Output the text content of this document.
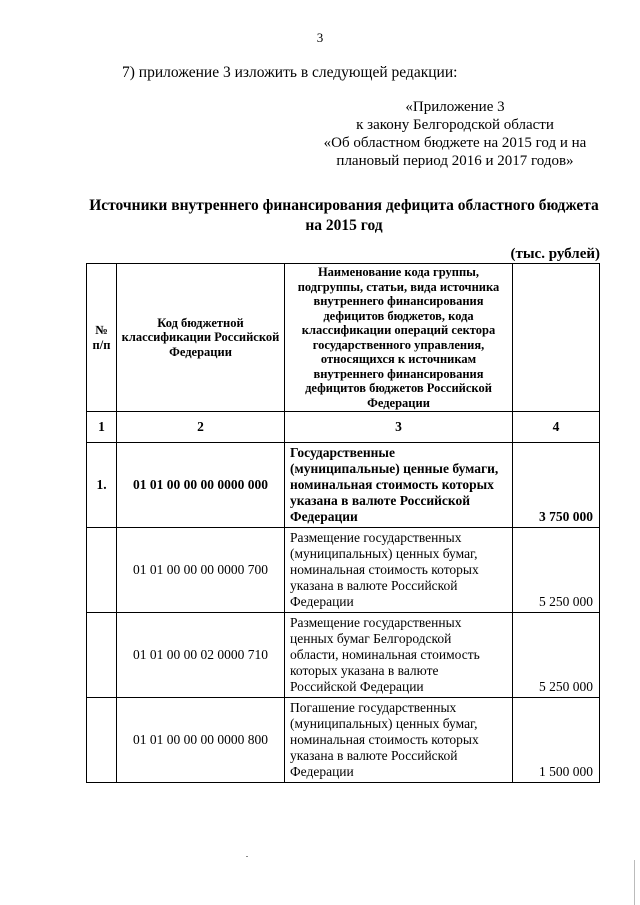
3
7) приложение 3 изложить в следующей редакции:
«Приложение 3
к закону Белгородской области
«Об областном бюджете на 2015 год и на
плановый период 2016 и 2017 годов»
Источники внутреннего финансирования дефицита областного бюджета
на 2015 год
(тыс. рублей)
№ п/п	Код бюджетной классификации Российской Федерации	Наименование кода группы, подгруппы, статьи, вида источника внутреннего финансирования дефицитов бюджетов, кода классификации операций сектора государственного управления, относящихся к источникам внутреннего финансирования дефицитов бюджетов Российской Федерации	
1	2	3	4
1.	01 01 00 00 00 0000 000	Государственные
(муниципальные) ценные бумаги,
номинальная стоимость которых
указана в валюте Российской
Федерации	3 750 000
	01 01 00 00 00 0000 700	Размещение государственных
(муниципальных) ценных бумаг,
номинальная стоимость которых
указана в валюте Российской
Федерации	5 250 000
	01 01 00 00 02 0000 710	Размещение государственных
ценных бумаг Белгородской
области, номинальная стоимость
которых указана в валюте
Российской Федерации	5 250 000
	01 01 00 00 00 0000 800	Погашение государственных
(муниципальных) ценных бумаг,
номинальная стоимость которых
указана в валюте Российской
Федерации	1 500 000
